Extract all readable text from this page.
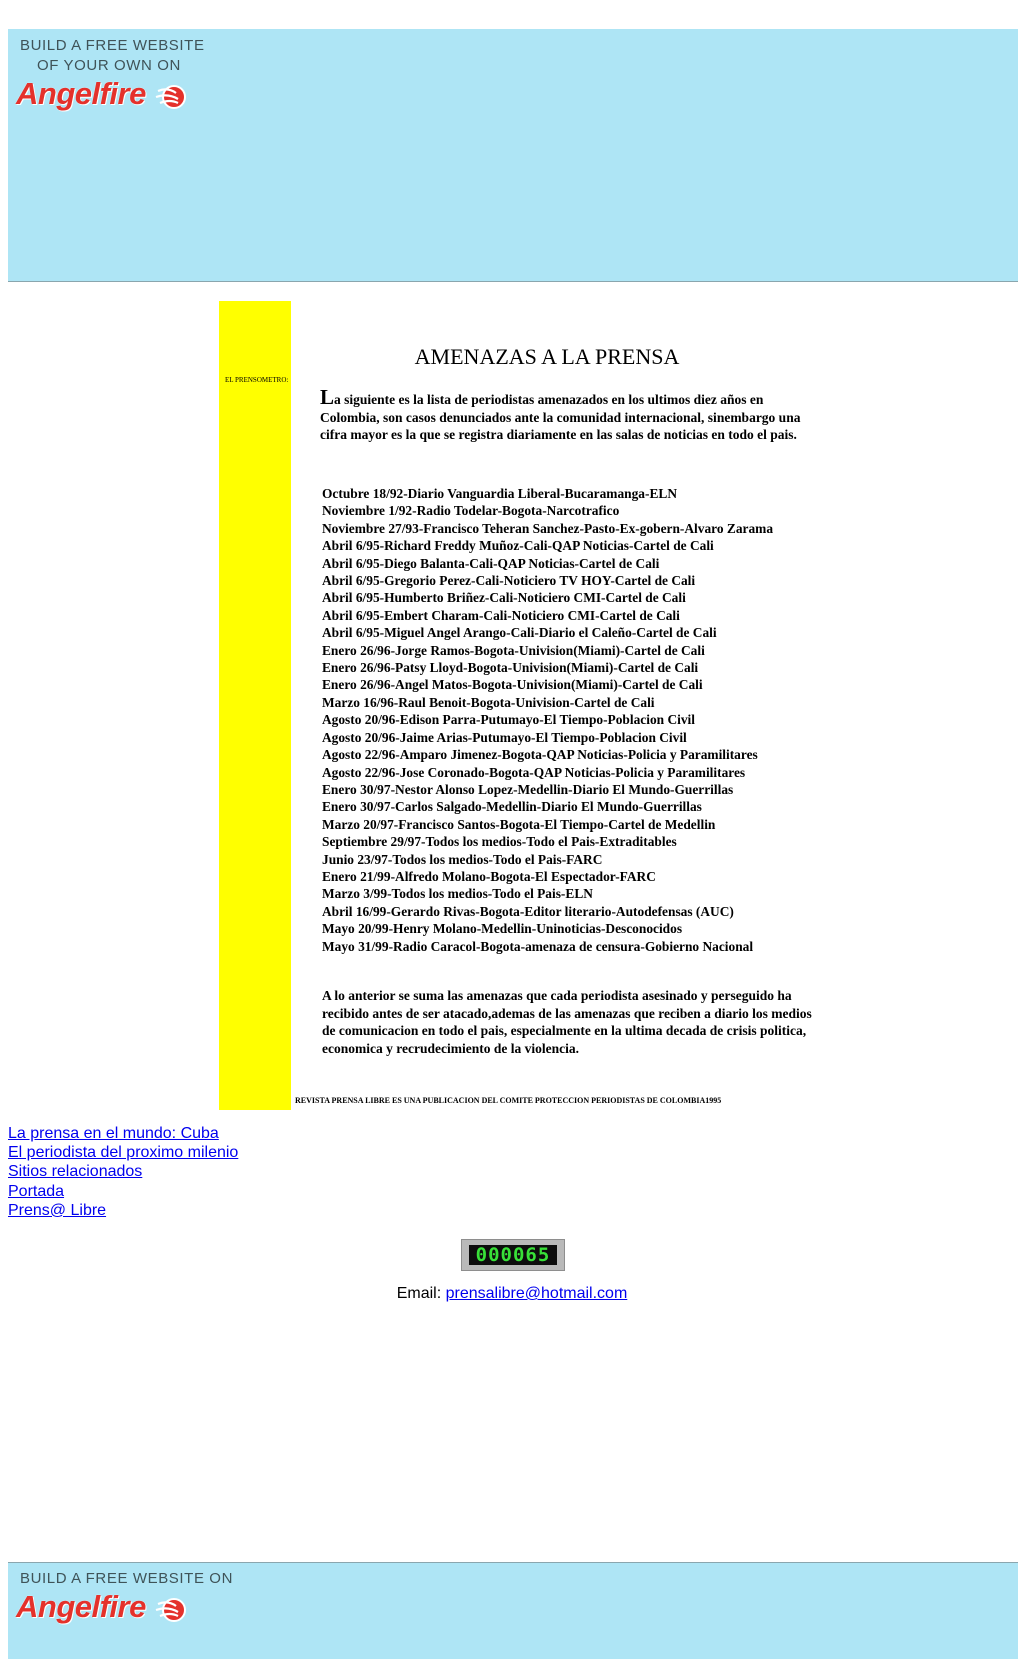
BUILD A FREE WEBSITE
OF YOUR OWN ON
Angelfire
EL PRENSOMETRO:
AMENAZAS A LA PRENSA
La siguiente es la lista de periodistas amenazados en los ultimos diez años en Colombia, son casos denunciados ante la comunidad internacional, sinembargo una cifra mayor es la que se registra diariamente en las salas de noticias en todo el pais.
Octubre 18/92-Diario Vanguardia Liberal-Bucaramanga-ELN
Noviembre 1/92-Radio Todelar-Bogota-Narcotrafico
Noviembre 27/93-Francisco Teheran Sanchez-Pasto-Ex-gobern-Alvaro Zarama
Abril 6/95-Richard Freddy Muñoz-Cali-QAP Noticias-Cartel de Cali
Abril 6/95-Diego Balanta-Cali-QAP Noticias-Cartel de Cali
Abril 6/95-Gregorio Perez-Cali-Noticiero TV HOY-Cartel de Cali
Abril 6/95-Humberto Briñez-Cali-Noticiero CMI-Cartel de Cali
Abril 6/95-Embert Charam-Cali-Noticiero CMI-Cartel de Cali
Abril 6/95-Miguel Angel Arango-Cali-Diario el Caleño-Cartel de Cali
Enero 26/96-Jorge Ramos-Bogota-Univision(Miami)-Cartel de Cali
Enero 26/96-Patsy Lloyd-Bogota-Univision(Miami)-Cartel de Cali
Enero 26/96-Angel Matos-Bogota-Univision(Miami)-Cartel de Cali
Marzo 16/96-Raul Benoit-Bogota-Univision-Cartel de Cali
Agosto 20/96-Edison Parra-Putumayo-El Tiempo-Poblacion Civil
Agosto 20/96-Jaime Arias-Putumayo-El Tiempo-Poblacion Civil
Agosto 22/96-Amparo Jimenez-Bogota-QAP Noticias-Policia y Paramilitares
Agosto 22/96-Jose Coronado-Bogota-QAP Noticias-Policia y Paramilitares
Enero 30/97-Nestor Alonso Lopez-Medellin-Diario El Mundo-Guerrillas
Enero 30/97-Carlos Salgado-Medellin-Diario El Mundo-Guerrillas
Marzo 20/97-Francisco Santos-Bogota-El Tiempo-Cartel de Medellin
Septiembre 29/97-Todos los medios-Todo el Pais-Extraditables
Junio 23/97-Todos los medios-Todo el Pais-FARC
Enero 21/99-Alfredo Molano-Bogota-El Espectador-FARC
Marzo 3/99-Todos los medios-Todo el Pais-ELN
Abril 16/99-Gerardo Rivas-Bogota-Editor literario-Autodefensas (AUC)
Mayo 20/99-Henry Molano-Medellin-Uninoticias-Desconocidos
Mayo 31/99-Radio Caracol-Bogota-amenaza de censura-Gobierno Nacional
A lo anterior se suma las amenazas que cada periodista asesinado y perseguido ha recibido antes de ser atacado,ademas de las amenazas que reciben a diario los medios de comunicacion en todo el pais, especialmente en la ultima decada de crisis politica, economica y recrudecimiento de la violencia.
REVISTA PRENSA LIBRE ES UNA PUBLICACION DEL COMITE PROTECCION PERIODISTAS DE COLOMBIA1995
La prensa en el mundo: Cuba
El periodista del proximo milenio
Sitios relacionados
Portada
Prens@ Libre
000065
Email: prensalibre@hotmail.com
BUILD A FREE WEBSITE ON
Angelfire
